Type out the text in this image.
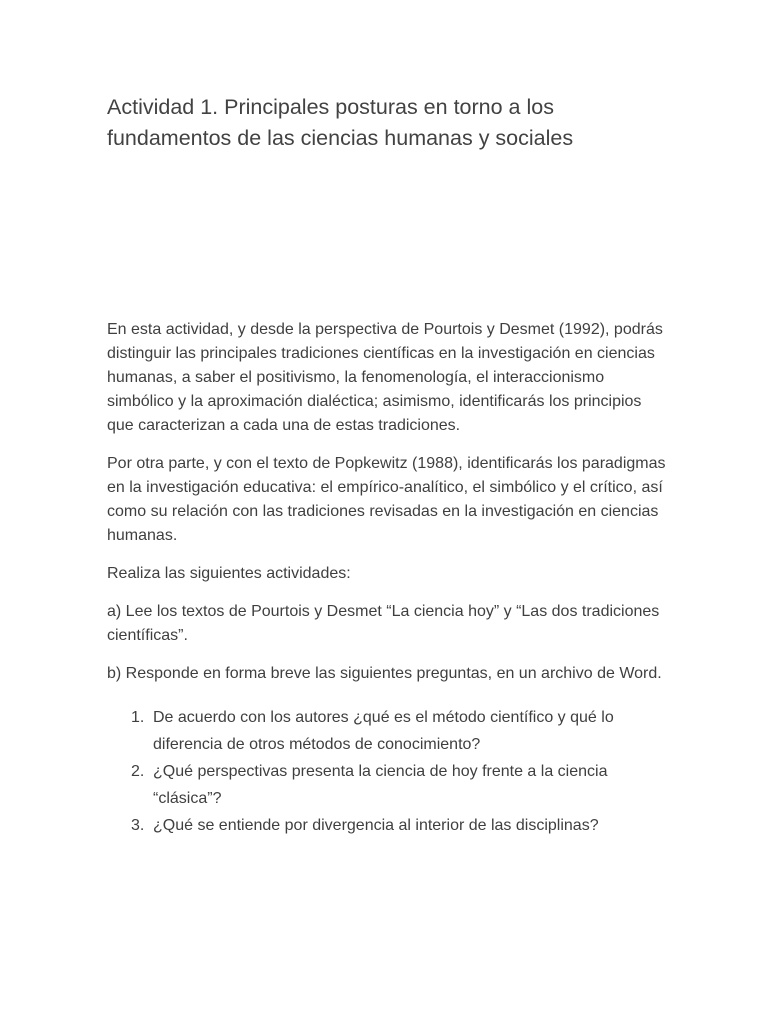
Actividad 1. Principales posturas en torno a los fundamentos de las ciencias humanas y sociales

En esta actividad, y desde la perspectiva de Pourtois y Desmet (1992), podrás distinguir las principales tradiciones científicas en la investigación en ciencias humanas, a saber el positivismo, la fenomenología, el interaccionismo simbólico y la aproximación dialéctica; asimismo, identificarás los principios que caracterizan a cada una de estas tradiciones.

Por otra parte, y con el texto de Popkewitz (1988), identificarás los paradigmas en la investigación educativa: el empírico-analítico, el simbólico y el crítico, así como su relación con las tradiciones revisadas en la investigación en ciencias humanas.

Realiza las siguientes actividades:

a) Lee los textos de Pourtois y Desmet “La ciencia hoy” y “Las dos tradiciones científicas”.

b) Responde en forma breve las siguientes preguntas, en un archivo de Word.

1. De acuerdo con los autores ¿qué es el método científico y qué lo diferencia de otros métodos de conocimiento?
2. ¿Qué perspectivas presenta la ciencia de hoy frente a la ciencia “clásica”?
3. ¿Qué se entiende por divergencia al interior de las disciplinas?
